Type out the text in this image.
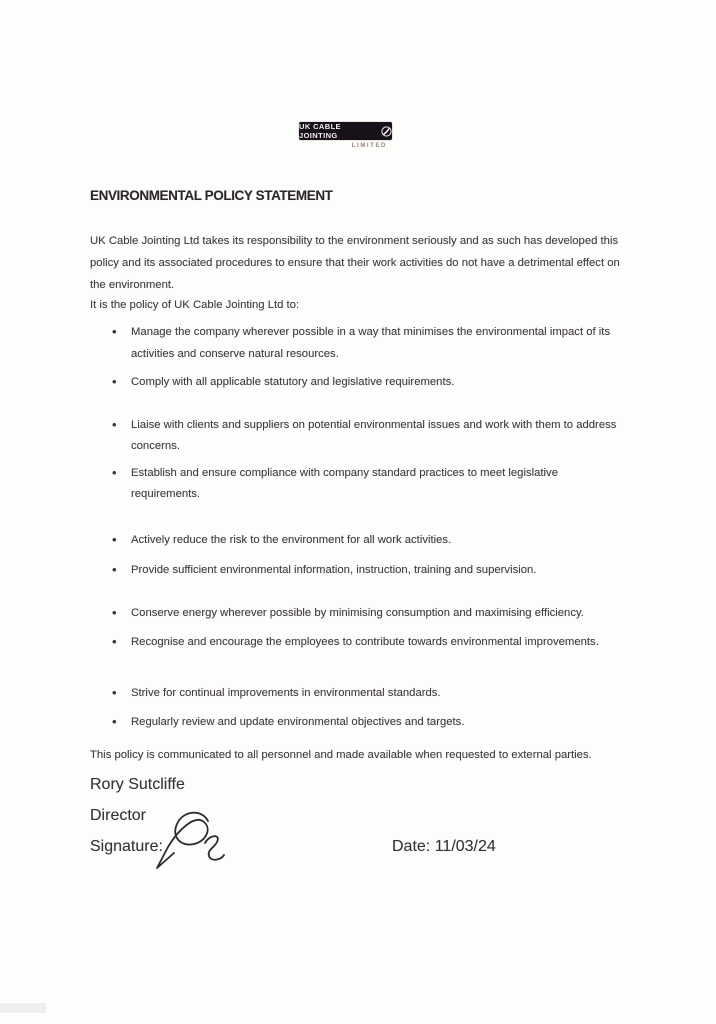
UK CABLE JOINTING
LIMITED
ENVIRONMENTAL POLICY STATEMENT

UK Cable Jointing Ltd takes its responsibility to the environment seriously and as such has developed this policy and its associated procedures to ensure that their work activities do not have a detrimental effect on the environment.

It is the policy of UK Cable Jointing Ltd to:

• Manage the company wherever possible in a way that minimises the environmental impact of its activities and conserve natural resources.
• Comply with all applicable statutory and legislative requirements.
• Liaise with clients and suppliers on potential environmental issues and work with them to address concerns.
• Establish and ensure compliance with company standard practices to meet legislative requirements.
• Actively reduce the risk to the environment for all work activities.
• Provide sufficient environmental information, instruction, training and supervision.
• Conserve energy wherever possible by minimising consumption and maximising efficiency.
• Recognise and encourage the employees to contribute towards environmental improvements.
• Strive for continual improvements in environmental standards.
• Regularly review and update environmental objectives and targets.

This policy is communicated to all personnel and made available when requested to external parties.

Rory Sutcliffe
Director
Signature:	Date: 11/03/24
